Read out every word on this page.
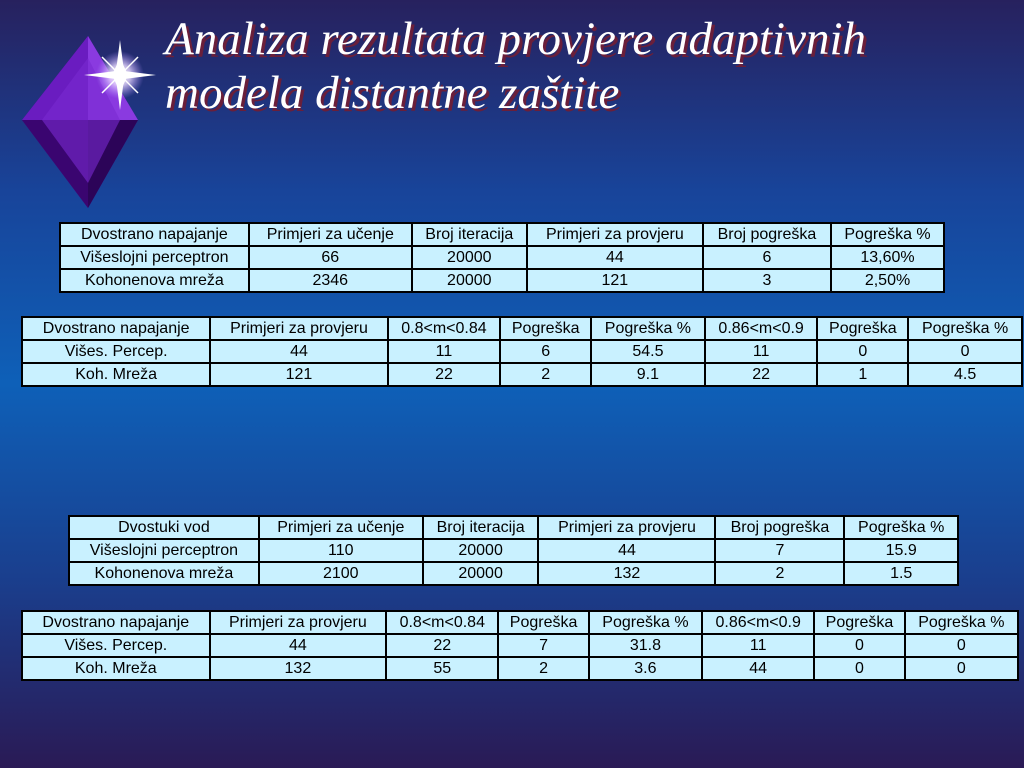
Analiza rezultata provjere adaptivnih
modela distantne zaštite
Dvostrano napajanje	Primjeri za učenje	Broj iteracija	Primjeri za provjeru	Broj pogreška	Pogreška %
Višeslojni perceptron	66	20000	44	6	13,60%
Kohonenova mreža	2346	20000	121	3	2,50%
Dvostrano napajanje	Primjeri za provjeru	0.8<m<0.84	Pogreška	Pogreška %	0.86<m<0.9	Pogreška	Pogreška %
Višes. Percep.	44	11	6	54.5	11	0	0
Koh. Mreža	121	22	2	9.1	22	1	4.5
Dvostuki vod	Primjeri za učenje	Broj iteracija	Primjeri za provjeru	Broj pogreška	Pogreška %
Višeslojni perceptron	110	20000	44	7	15.9
Kohonenova mreža	2100	20000	132	2	1.5
Dvostrano napajanje	Primjeri za provjeru	0.8<m<0.84	Pogreška	Pogreška %	0.86<m<0.9	Pogreška	Pogreška %
Višes. Percep.	44	22	7	31.8	11	0	0
Koh. Mreža	132	55	2	3.6	44	0	0
